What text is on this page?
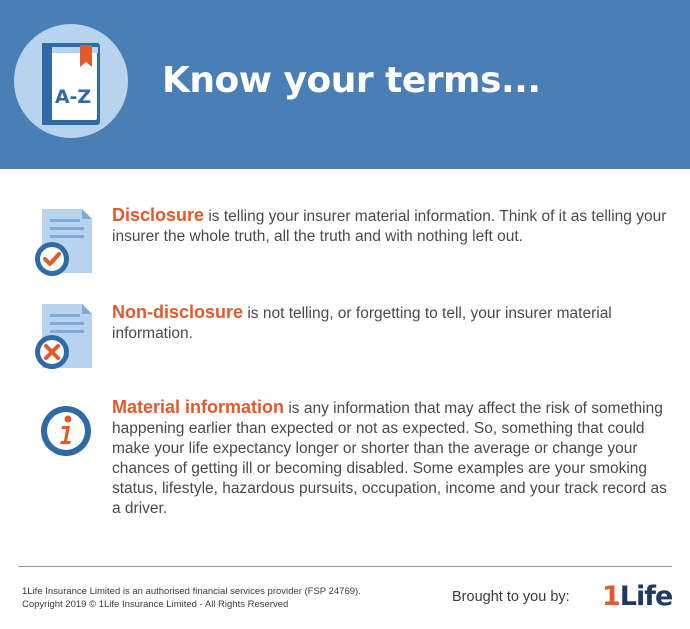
A-Z Know your terms...
Disclosure is telling your insurer material information. Think of it as telling your insurer the whole truth, all the truth and with nothing left out.
Non-disclosure is not telling, or forgetting to tell, your insurer material information.
Material information is any information that may affect the risk of something happening earlier than expected or not as expected. So, something that could make your life expectancy longer or shorter than the average or change your chances of getting ill or becoming disabled. Some examples are your smoking status, lifestyle, hazardous pursuits, occupation, income and your track record as a driver.
1Life Insurance Limited is an authorised financial services provider (FSP 24769).
Copyright 2019 © 1Life Insurance Limited - All Rights Reserved	Brought to you by: 1Life
